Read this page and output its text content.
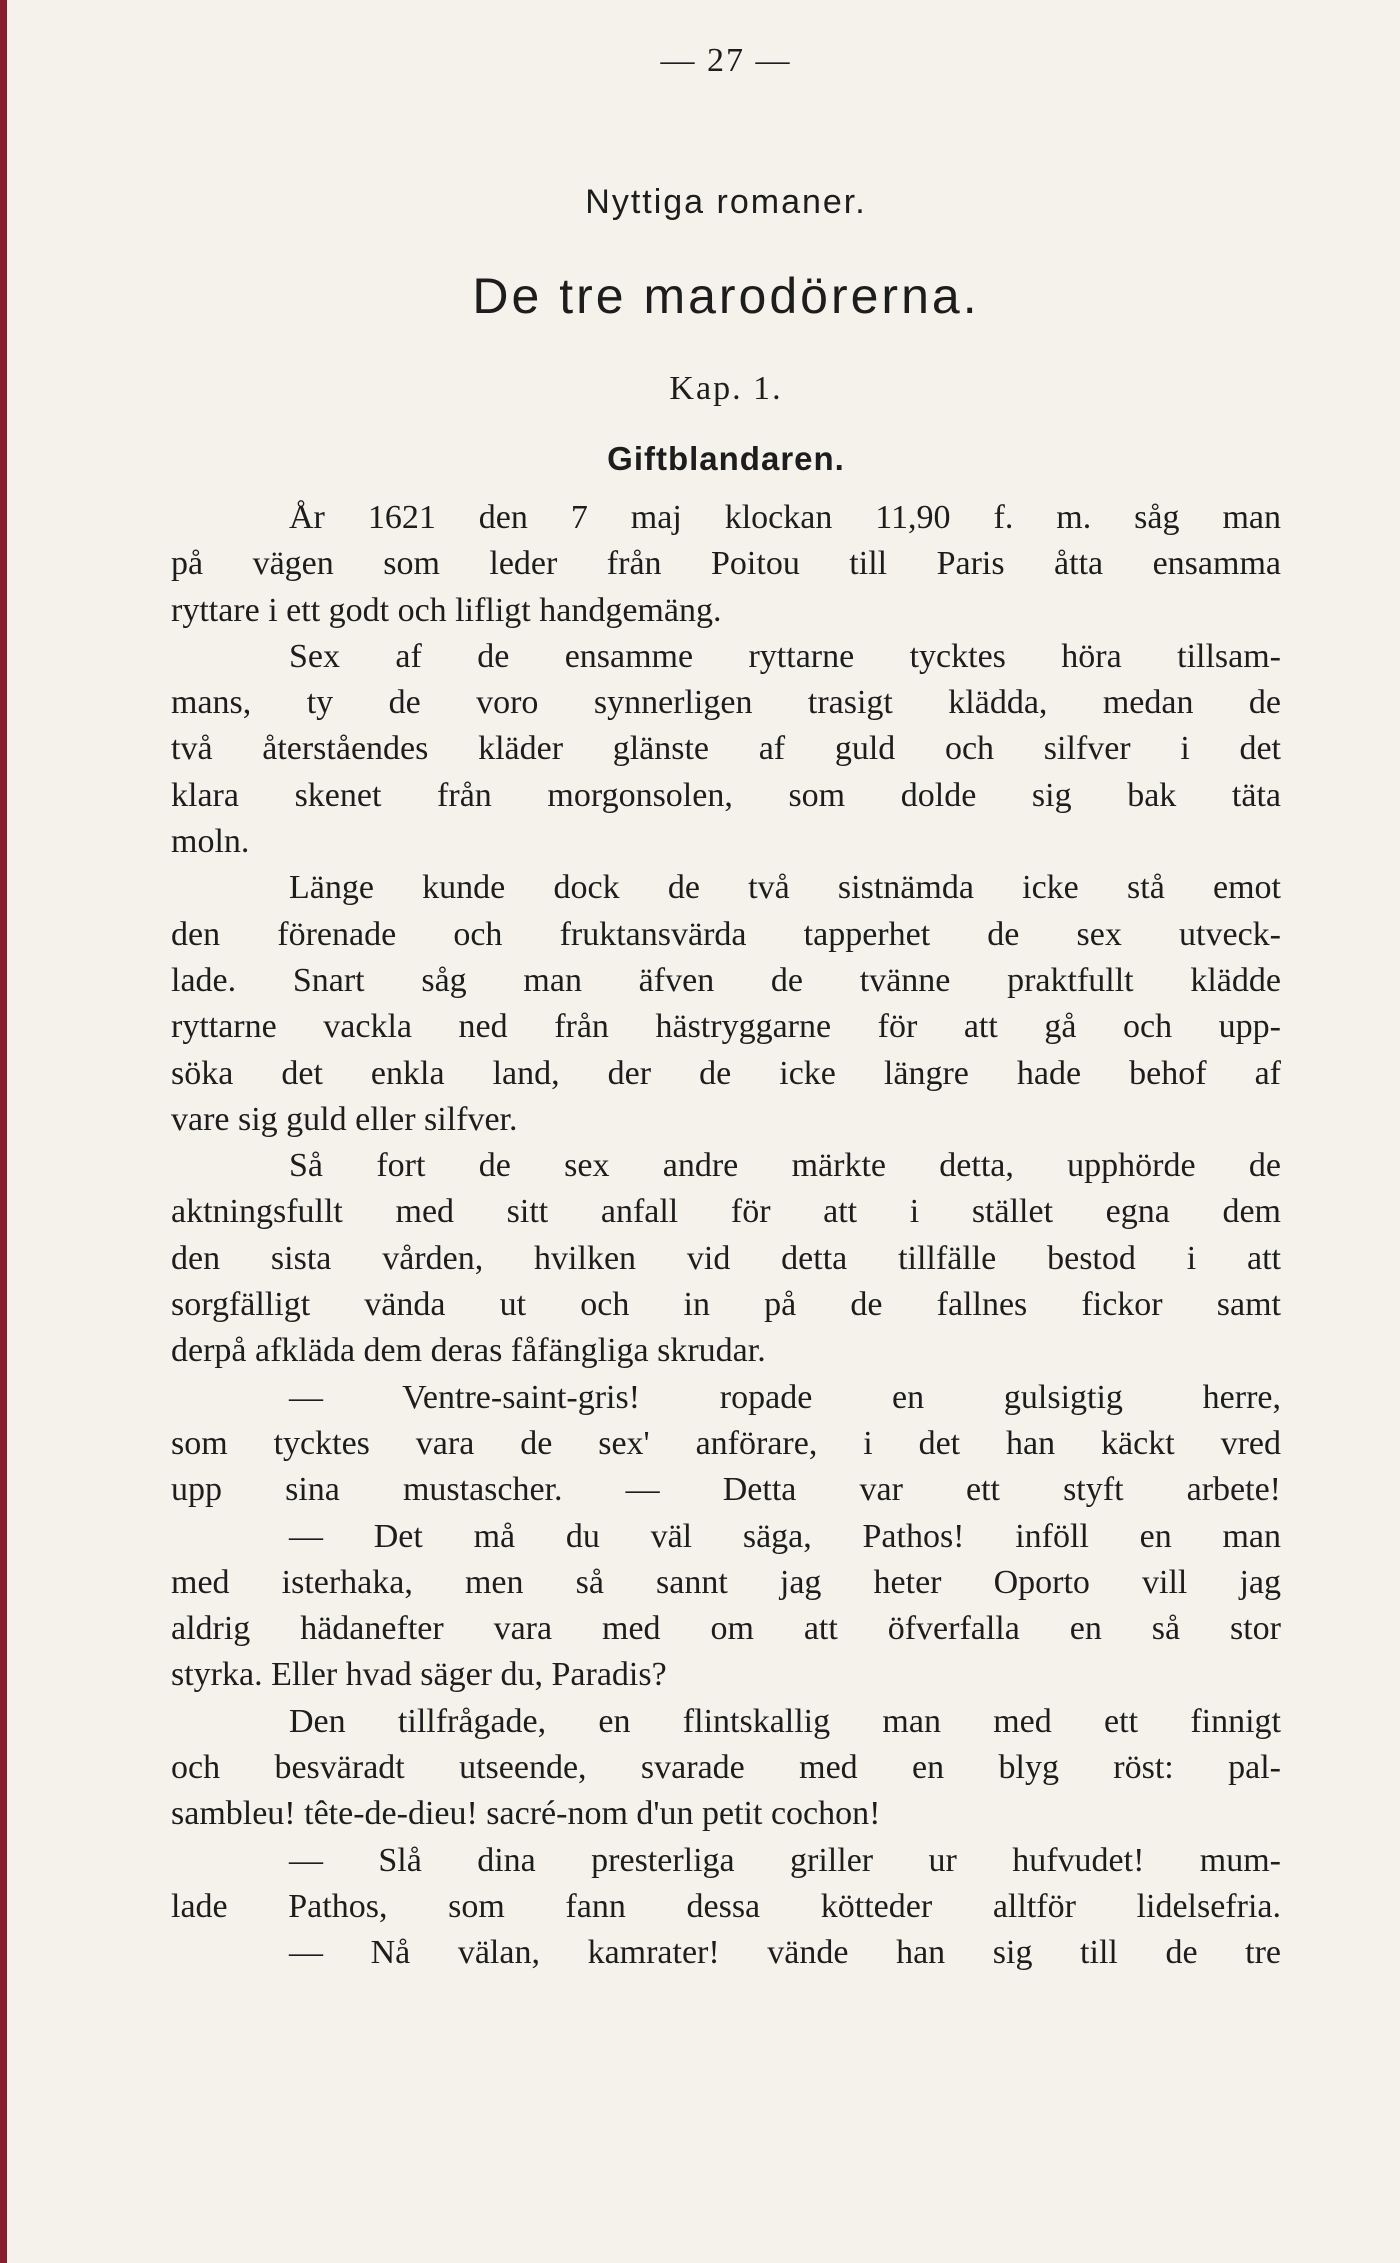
— 27 —
Nyttiga romaner.
De tre marodörerna.
Kap. 1.
Giftblandaren.
År 1621 den 7 maj klockan 11,90 f. m. såg man
på vägen som leder från Poitou till Paris åtta ensamma
ryttare i ett godt och lifligt handgemäng.
Sex af de ensamme ryttarne tycktes höra tillsam-
mans, ty de voro synnerligen trasigt klädda, medan de
två återståendes kläder glänste af guld och silfver i det
klara skenet från morgonsolen, som dolde sig bak täta
moln.
Länge kunde dock de två sistnämda icke stå emot
den förenade och fruktansvärda tapperhet de sex utveck-
lade. Snart såg man äfven de tvänne praktfullt klädde
ryttarne vackla ned från hästryggarne för att gå och upp-
söka det enkla land, der de icke längre hade behof af
vare sig guld eller silfver.
Så fort de sex andre märkte detta, upphörde de
aktningsfullt med sitt anfall för att i stället egna dem
den sista vården, hvilken vid detta tillfälle bestod i att
sorgfälligt vända ut och in på de fallnes fickor samt
derpå afkläda dem deras fåfängliga skrudar.
— Ventre-saint-gris! ropade en gulsigtig herre,
som tycktes vara de sex' anförare, i det han käckt vred
upp sina mustascher. — Detta var ett styft arbete!
— Det må du väl säga, Pathos! inföll en man
med isterhaka, men så sannt jag heter Oporto vill jag
aldrig hädanefter vara med om att öfverfalla en så stor
styrka. Eller hvad säger du, Paradis?
Den tillfrågade, en flintskallig man med ett finnigt
och besväradt utseende, svarade med en blyg röst: pal-
sambleu! tête-de-dieu! sacré-nom d'un petit cochon!
— Slå dina presterliga griller ur hufvudet! mum-
lade Pathos, som fann dessa kötteder alltför lidelsefria.
— Nå välan, kamrater! vände han sig till de tre
